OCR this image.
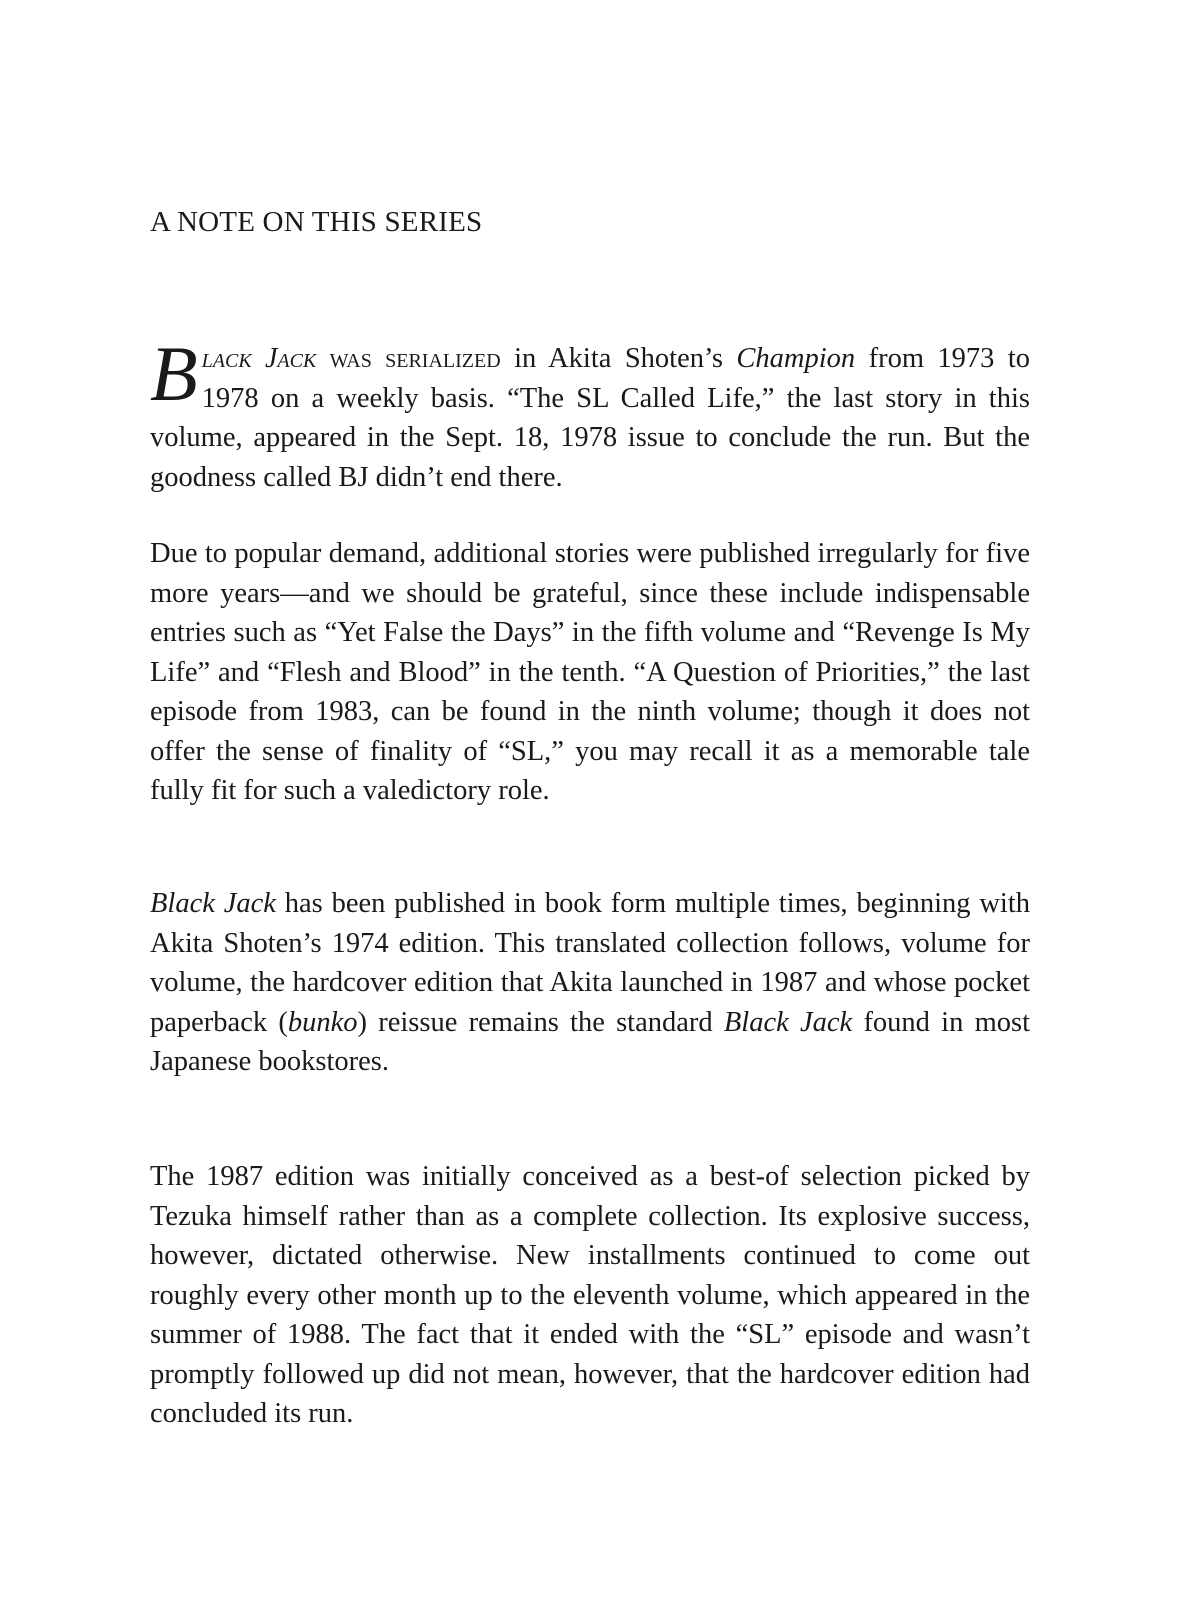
A NOTE ON THIS SERIES

Black Jack was serialized in Akita Shoten’s Champion from 1973 to 1978 on a weekly basis. “The SL Called Life,” the last story in this volume, appeared in the Sept. 18, 1978 issue to conclude the run. But the goodness called BJ didn’t end there.

Due to popular demand, additional stories were published irregularly for five more years—and we should be grateful, since these include indispensable entries such as “Yet False the Days” in the fifth volume and “Revenge Is My Life” and “Flesh and Blood” in the tenth. “A Question of Priorities,” the last episode from 1983, can be found in the ninth volume; though it does not offer the sense of finality of “SL,” you may recall it as a memorable tale fully fit for such a valedictory role.

Black Jack has been published in book form multiple times, beginning with Akita Shoten’s 1974 edition. This translated collection follows, volume for volume, the hardcover edition that Akita launched in 1987 and whose pocket paperback (bunko) reissue remains the standard Black Jack found in most Japanese bookstores.

The 1987 edition was initially conceived as a best-of selection picked by Tezuka himself rather than as a complete collection. Its explosive success, however, dictated otherwise. New installments continued to come out roughly every other month up to the eleventh volume, which appeared in the summer of 1988. The fact that it ended with the “SL” episode and wasn’t promptly followed up did not mean, however, that the hardcover edition had concluded its run.
